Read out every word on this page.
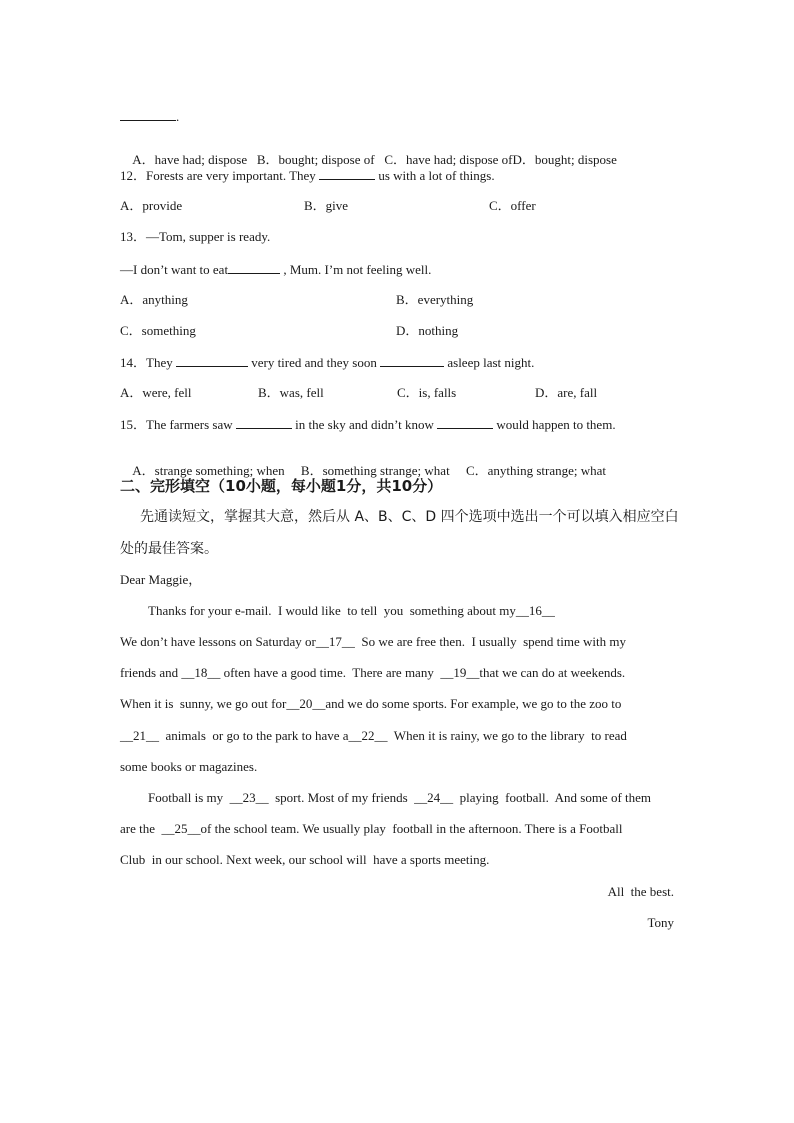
.

A．have had; dispose B．bought; dispose of C．have had; dispose ofD．bought; dispose

12．Forests are very important. They	us with a lot of things.
A．provide	B．give	C．offer
13．—Tom, supper is ready.
—I don’t want to eat	, Mum. I’m not feeling well.
A．anything	B．everything
C．something	D．nothing
14．They	very tired and they soon	asleep last night.
A．were, fell	B．was, fell	C．is, falls	D．are, fall
15．The farmers saw	in the sky and didn’t know	would happen to them.

A．strange something; when B．something strange; what C．anything strange; what

二、完形填空（10小题，每小题1分，共10分）
先通读短文，掌握其大意，然后从 A、B、C、D 四个选项中选出一个可以填入相应空白
处的最佳答案。
Dear Maggie，
Thanks for your e-mail.  I would like  to tell  you  something about my__16__
We don’t have lessons on Saturday or__17__  So we are free then.  I usually  spend time with my
friends and __18__ often have a good time.  There are many  __19__that we can do at weekends.
When it is  sunny, we go out for__20__and we do some sports. For example, we go to the zoo to
__21__  animals  or go to the park to have a__22__  When it is rainy, we go to the library  to read
some books or magazines.
Football is my  __23__  sport. Most of my friends  __24__  playing  football.  And some of them
are the  __25__of the school team. We usually play  football in the afternoon. There is a Football
Club  in our school. Next week, our school will  have a sports meeting.
All  the best.
Tony
